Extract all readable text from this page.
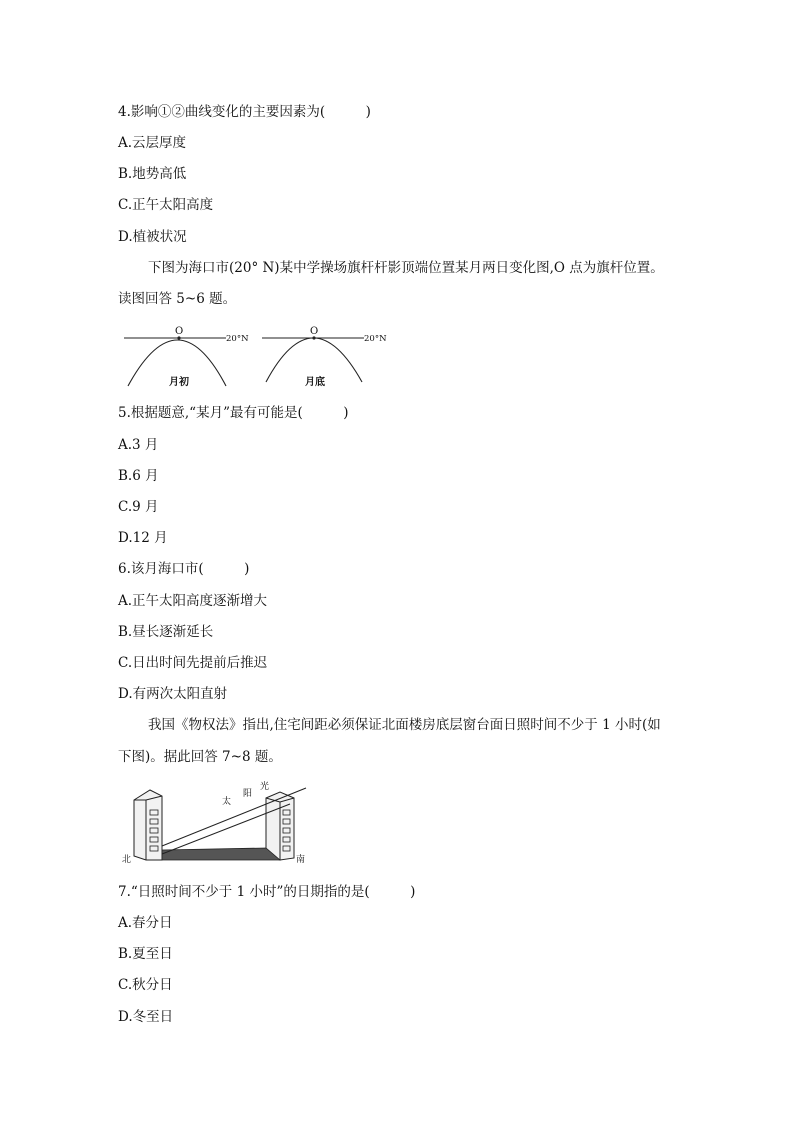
4.影响①②曲线变化的主要因素为(　　　)
A.云层厚度
B.地势高低
C.正午太阳高度
D.植被状况
下图为海口市(20° N)某中学操场旗杆杆影顶端位置某月两日变化图,O 点为旗杆位置。
读图回答 5~6 题。
O
20°N
月初
O
20°N
月底
5.根据题意,“某月”最有可能是(　　　)
A.3 月
B.6 月
C.9 月
D.12 月
6.该月海口市(　　　)
A.正午太阳高度逐渐增大
B.昼长逐渐延长
C.日出时间先提前后推迟
D.有两次太阳直射
我国《物权法》指出,住宅间距必须保证北面楼房底层窗台面日照时间不少于 1 小时(如
下图)。据此回答 7~8 题。
太
阳
光
北	南
7.“日照时间不少于 1 小时”的日期指的是(　　　)
A.春分日
B.夏至日
C.秋分日
D.冬至日
